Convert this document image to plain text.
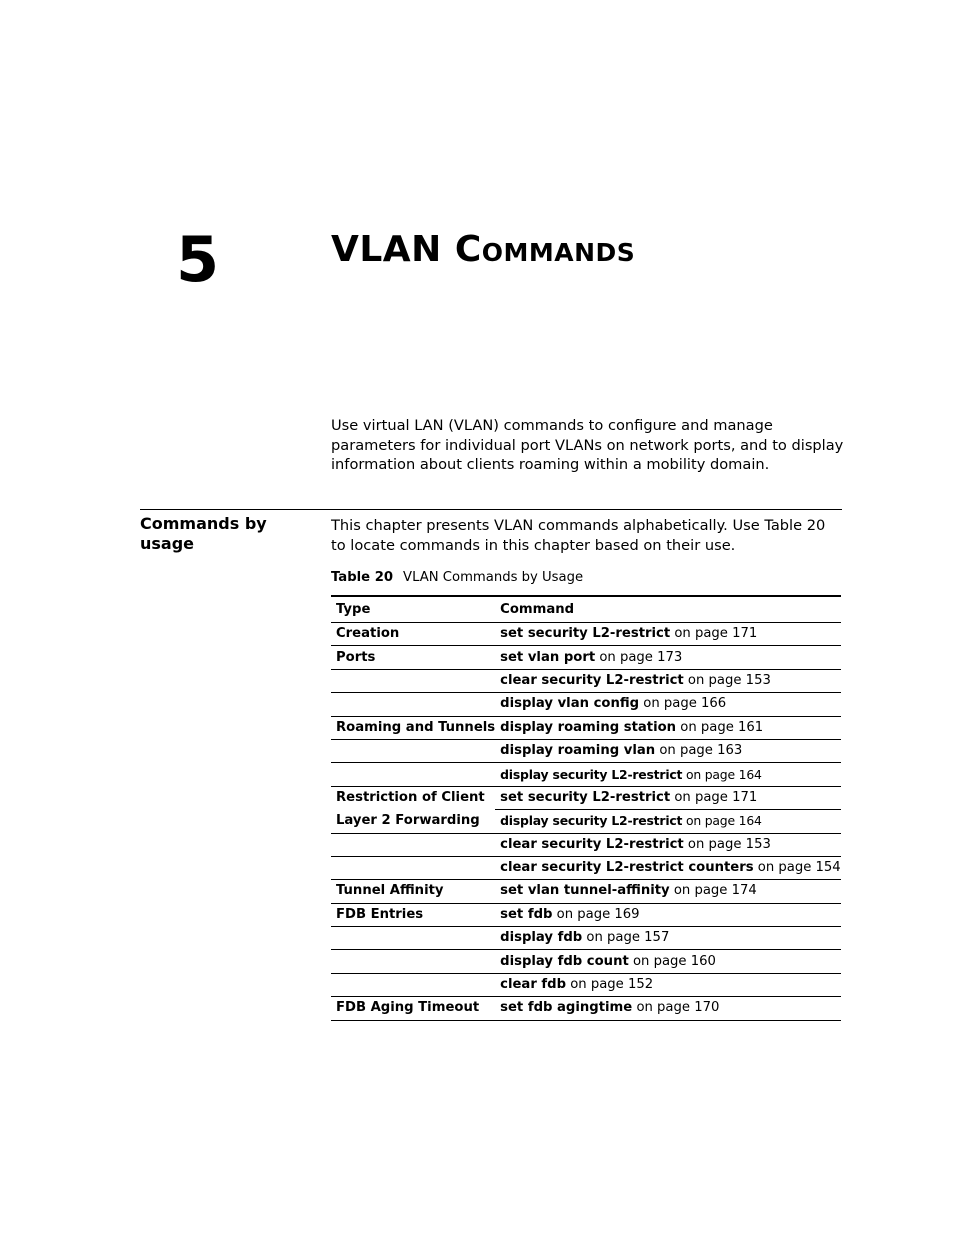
5	VLAN Commands

Use virtual LAN (VLAN) commands to configure and manage parameters for individual port VLANs on network ports, and to display information about clients roaming within a mobility domain.

Commands by usage

This chapter presents VLAN commands alphabetically. Use Table 20 to locate commands in this chapter based on their use.

Table 20 VLAN Commands by Usage
Type	Command
Creation	set security L2-restrict on page 171
Ports	set vlan port on page 173
	clear security L2-restrict on page 153
	display vlan config on page 166
Roaming and Tunnels	display roaming station on page 161
	display roaming vlan on page 163
	display security L2-restrict on page 164
Restriction of Client	set security L2-restrict on page 171
Layer 2 Forwarding	display security L2-restrict on page 164
	clear security L2-restrict on page 153
	clear security L2-restrict counters on page 154
Tunnel Affinity	set vlan tunnel-affinity on page 174
FDB Entries	set fdb on page 169
	display fdb on page 157
	display fdb count on page 160
	clear fdb on page 152
FDB Aging Timeout	set fdb agingtime on page 170
